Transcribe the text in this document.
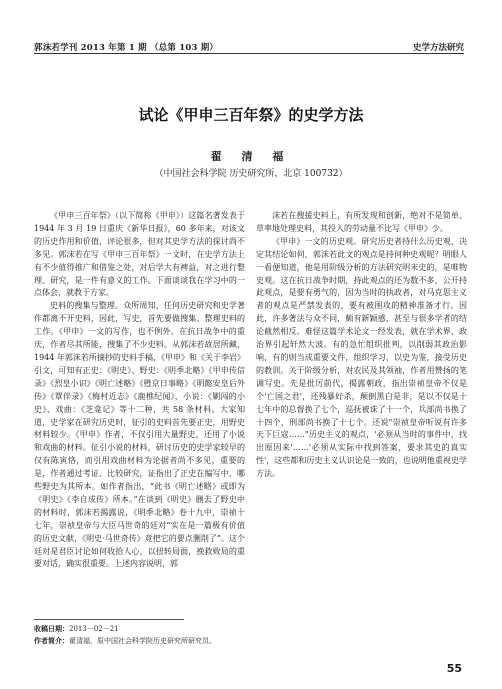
郭沫若学刊 2013 年第 1 期 （总第 103 期）	史学方法研究
试论《甲申三百年祭》的史学方法
翟 清 福
（中国社会科学院 历史研究所，北京 100732）

《甲申三百年祭》（以下简称《甲申》）这篇名著发表于 1944 年 3 月 19 日重庆《新华日报》，60 多年来，对该文的历史作用和价值，评论很多，但对其史学方法的探讨尚不多见。郭沫若在写《甲申三百年祭》一文时，在史学方法上有不少值得推广和借鉴之处，对后学大有裨益，对之进行整理、研究，是一件有意义的工作。下面谈谈我在学习中的一点体会，就教于方家。

史料的搜集与整理。众所周知，任何历史研究和史学著作都离不开史料，因此，写史，首先要做搜集、整理史料的工作。《甲申》一文的写作，也不例外。在抗日战争中的重庆，作者尽其所能，搜集了不少史料。从郭沫若故居所藏，1944 年郭沫若所摘抄的史料手稿，《甲申》和《关于李岩》引文，可知有正史：《明史》、野史：《明季北略》《甲申传信录》《烈皇小识》《明亡述略》《甦京日事略》《明懿安皇后外传》《覃伴录》《梅村近志》《鹿樵纪闻》，小说：《剿闯的小史》、戏曲：《芝龛记》等十二种，共 58 条材料。大家知道，史学家在研究历史时，征引的史料首先要正史，用野史材料较少。《甲申》作者，不仅引用大量野史，还用了小说和戏曲的材料。征引小说的材料，研讨历史的史学家较早的仅有陈寅恪，而引用戏曲材料为论据者尚不多见，重要的是，作者通过考证、比较研究，证指出了正史在编写中，哪些野史为其所本。如作者指出，“此书《明亡述略》或即为《明史》《李自成传》所本。”在谈到《明史》删去了野史中的材料时，郭沫若揭露说，《明季北略》卷十九中，崇祯十七年，崇祯皇帝与大臣马世奇的廷对“实在是一篇极有价值的历史文献，《明史·马世奇传》竟把它的要点删削了”。这个廷对是君臣讨论如何收拾人心，以扭转局面，挽救败局的重要对话，确实很重要。上述内容说明，郭

沫若在搜援史料上，有所发现和创新，绝对不是简单、草率地处理史料，其投入的劳动量不比写《甲申》少。

《甲申》一文的历史观。研究历史者持什么历史观，决定其结论如何，郭沫若此文的观点是持何种史观呢？明眼人一看便知道，他是用阶级分析的方法研究明末史的，是唯物史观。这在抗日战争时期，持此观点的还为数不多，公开持此观点，是要有勇气的，因为当时的执政者，对马克思主义者的观点是严禁发表的，要有被围攻的精神准备才行。因此，许多著法与众不同，颇有新颖感，甚至与很多学者的结论截然相反。难怪这篇学术论文一经发表，就在学术界、政治界引起轩然大波。有的急忙组织批判，以削弱其政治影响，有的则当成重要文件，组织学习，以史为鉴，接受历史的教训。关于阶级分析，对农民及其领袖，作者用赞扬的笔调写史。先是批厉前代，揭露朝政，指出崇祯皇帝不仅是个'亡国之君'，还残暴好杀，颠倒黑白是非，是以不仅是十七年中的总督换了七个，巡抚被诛了十一个，兵部尚书换了十四个，刑部尚书换了十七个。还说"崇祯皇帝听说有许多天下巨寇……"历史主义的观点，'必须从当时的事件中，找出原因来'……'必须从实际中找到答案，要求其史的真实性'，这些都和历史主义认识论是一致的，也说明他重视史学方法。

收稿日期：2013－02－21
作者简介：翟清福，原中国社会科学院历史研究所研究员。
55
